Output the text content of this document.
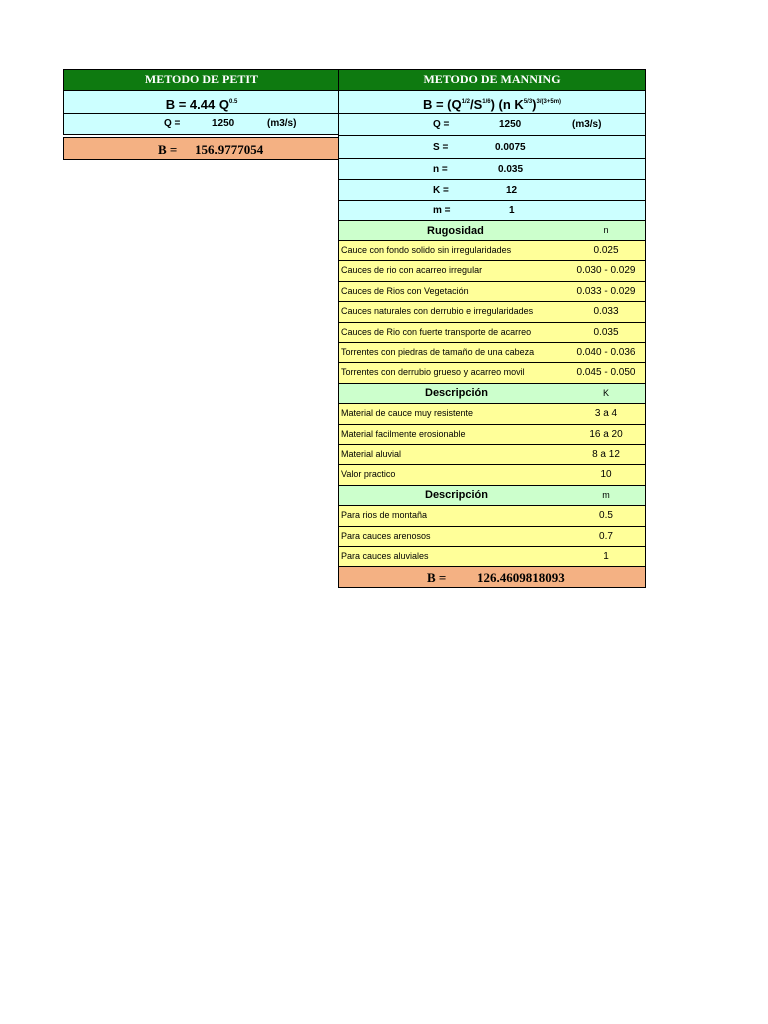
METODO DE PETIT
B = 4.44 $Q^{0.5}$
Q =	1250	(m3/s)
B = 156.9777054
METODO DE MANNING
$B = (Q^{1/2}/S^{1/6})$ (n $K^{5/3})^{3/(3+5m)}$
Q =	1250	(m3/s)
S =	0.0075
n =	0.035
K =	12
m =	1
Rugosidad	n
Cauce con fondo solido sin irregularidades	0.025
Cauces de rio con acarreo irregular	0.030 - 0.029
Cauces de Rios con Vegetación	0.033 - 0.029
Cauces naturales con derrubio e irregularidades	0.033
Cauces de Rio con fuerte transporte de acarreo	0.035
Torrentes con piedras de tamaño de una cabeza	0.040 - 0.036
Torrentes con derrubio grueso y acarreo movil	0.045 - 0.050
Descripción	K
Material de cauce muy resistente	3 a 4
Material facilmente erosionable	16 a 20
Material aluvial	8 a 12
Valor practico	10
Descripción	m
Para rios de montaña	0.5
Para cauces arenosos	0.7
Para cauces aluviales	1
B = 126.4609818093
